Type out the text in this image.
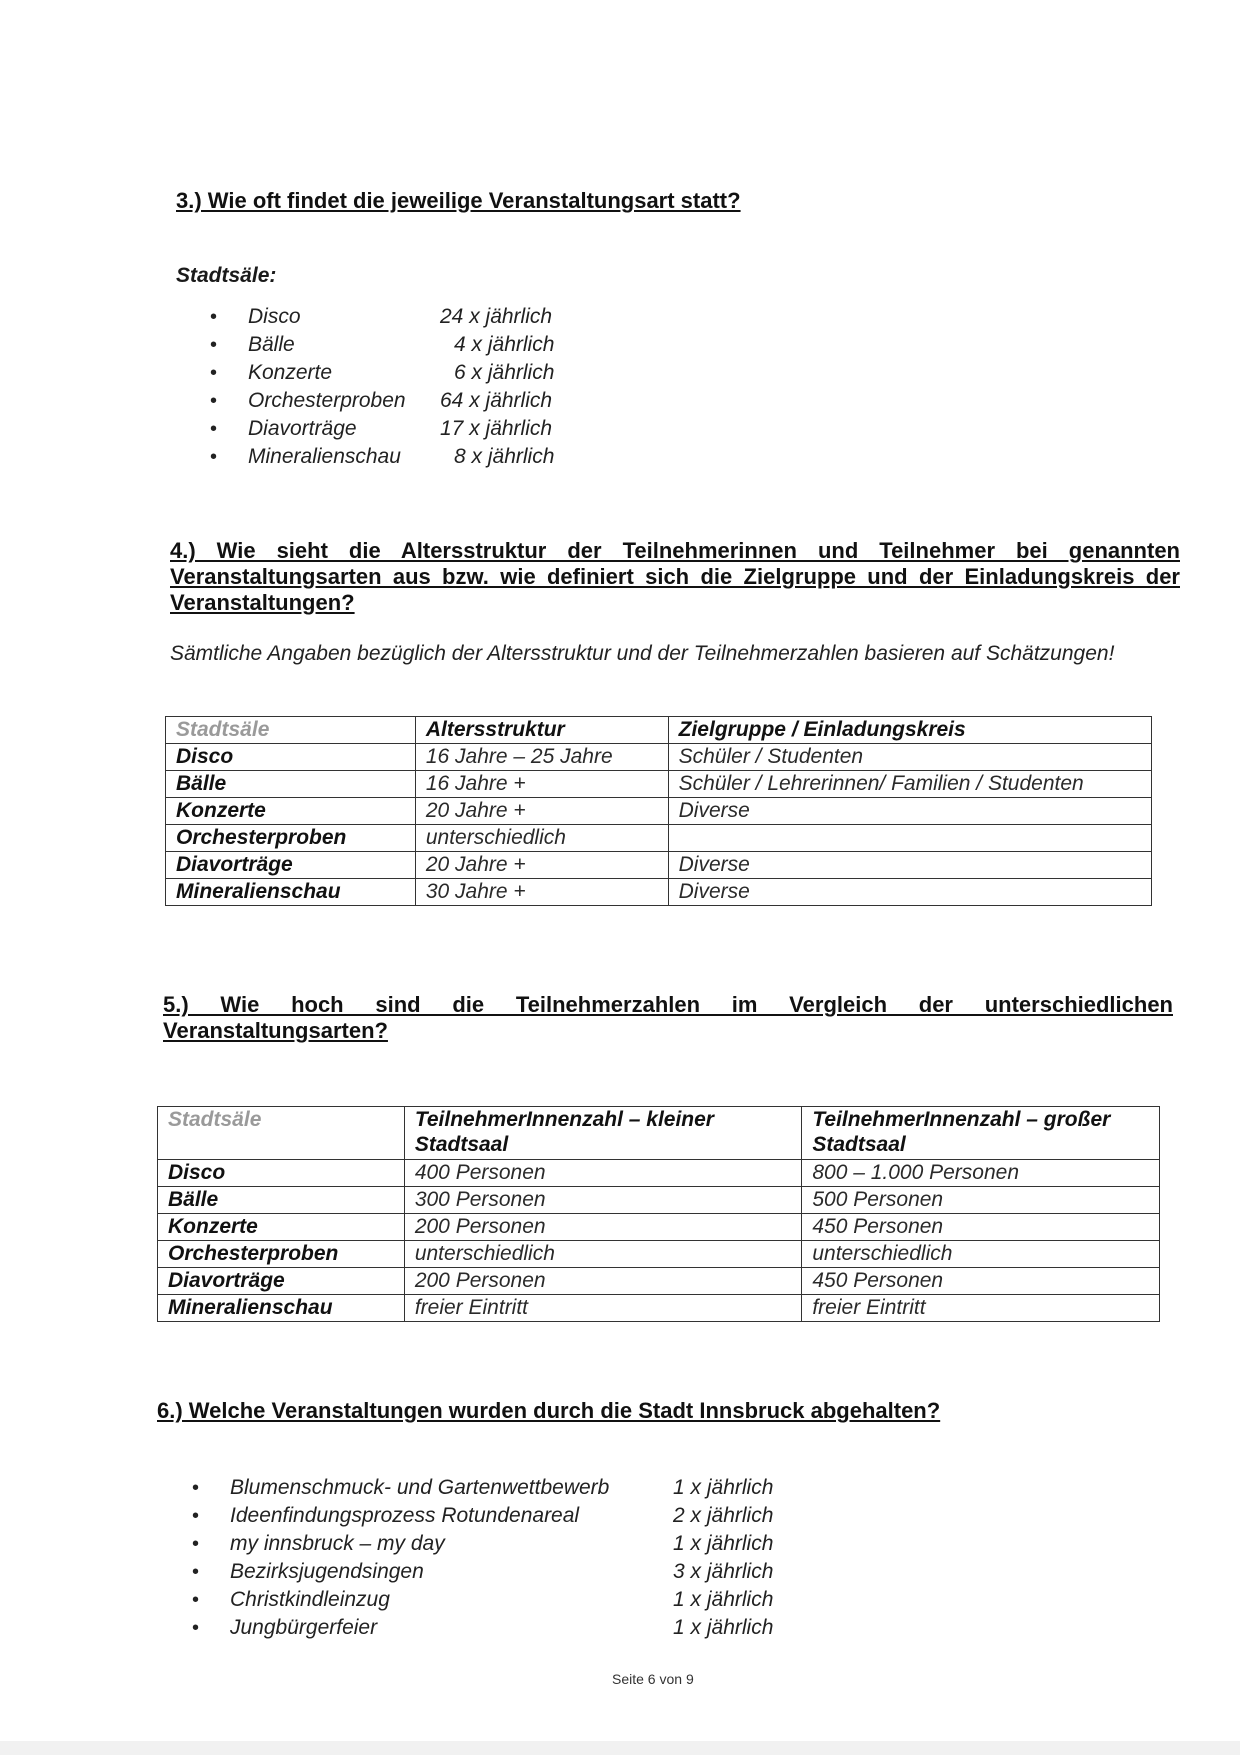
3.) Wie oft findet die jeweilige Veranstaltungsart statt?
Stadtsäle:
• Disco	24 x jährlich
• Bälle	4 x jährlich
• Konzerte	6 x jährlich
• Orchesterproben 64 x jährlich
• Diavorträge	17 x jährlich
• Mineralienschau	8 x jährlich
4.) Wie sieht die Altersstruktur der Teilnehmerinnen und Teilnehmer bei genannten Veranstaltungsarten aus bzw. wie definiert sich die Zielgruppe und der Einladungskreis der Veranstaltungen?
Sämtliche Angaben bezüglich der Altersstruktur und der Teilnehmerzahlen basieren auf Schätzungen!
Stadtsäle	Altersstruktur	Zielgruppe / Einladungskreis
Disco	16 Jahre – 25 Jahre	Schüler / Studenten
Bälle	16 Jahre +	Schüler / Lehrerinnen/ Familien / Studenten
Konzerte	20 Jahre +	Diverse
Orchesterproben	unterschiedlich	
Diavorträge	20 Jahre +	Diverse
Mineralienschau	30 Jahre +	Diverse
5.) Wie hoch sind die Teilnehmerzahlen im Vergleich der unterschiedlichen Veranstaltungsarten?
Stadtsäle	TeilnehmerInnenzahl – kleiner Stadtsaal	TeilnehmerInnenzahl – großer Stadtsaal
Disco	400 Personen	800 – 1.000 Personen
Bälle	300 Personen	500 Personen
Konzerte	200 Personen	450 Personen
Orchesterproben	unterschiedlich	unterschiedlich
Diavorträge	200 Personen	450 Personen
Mineralienschau	freier Eintritt	freier Eintritt
6.) Welche Veranstaltungen wurden durch die Stadt Innsbruck abgehalten?
• Blumenschmuck- und Gartenwettbewerb	1 x jährlich
• Ideenfindungsprozess Rotundenareal	2 x jährlich
• my innsbruck – my day	1 x jährlich
• Bezirksjugendsingen	3 x jährlich
• Christkindleinzug	1 x jährlich
• Jungbürgerfeier	1 x jährlich
Seite 6 von 9
